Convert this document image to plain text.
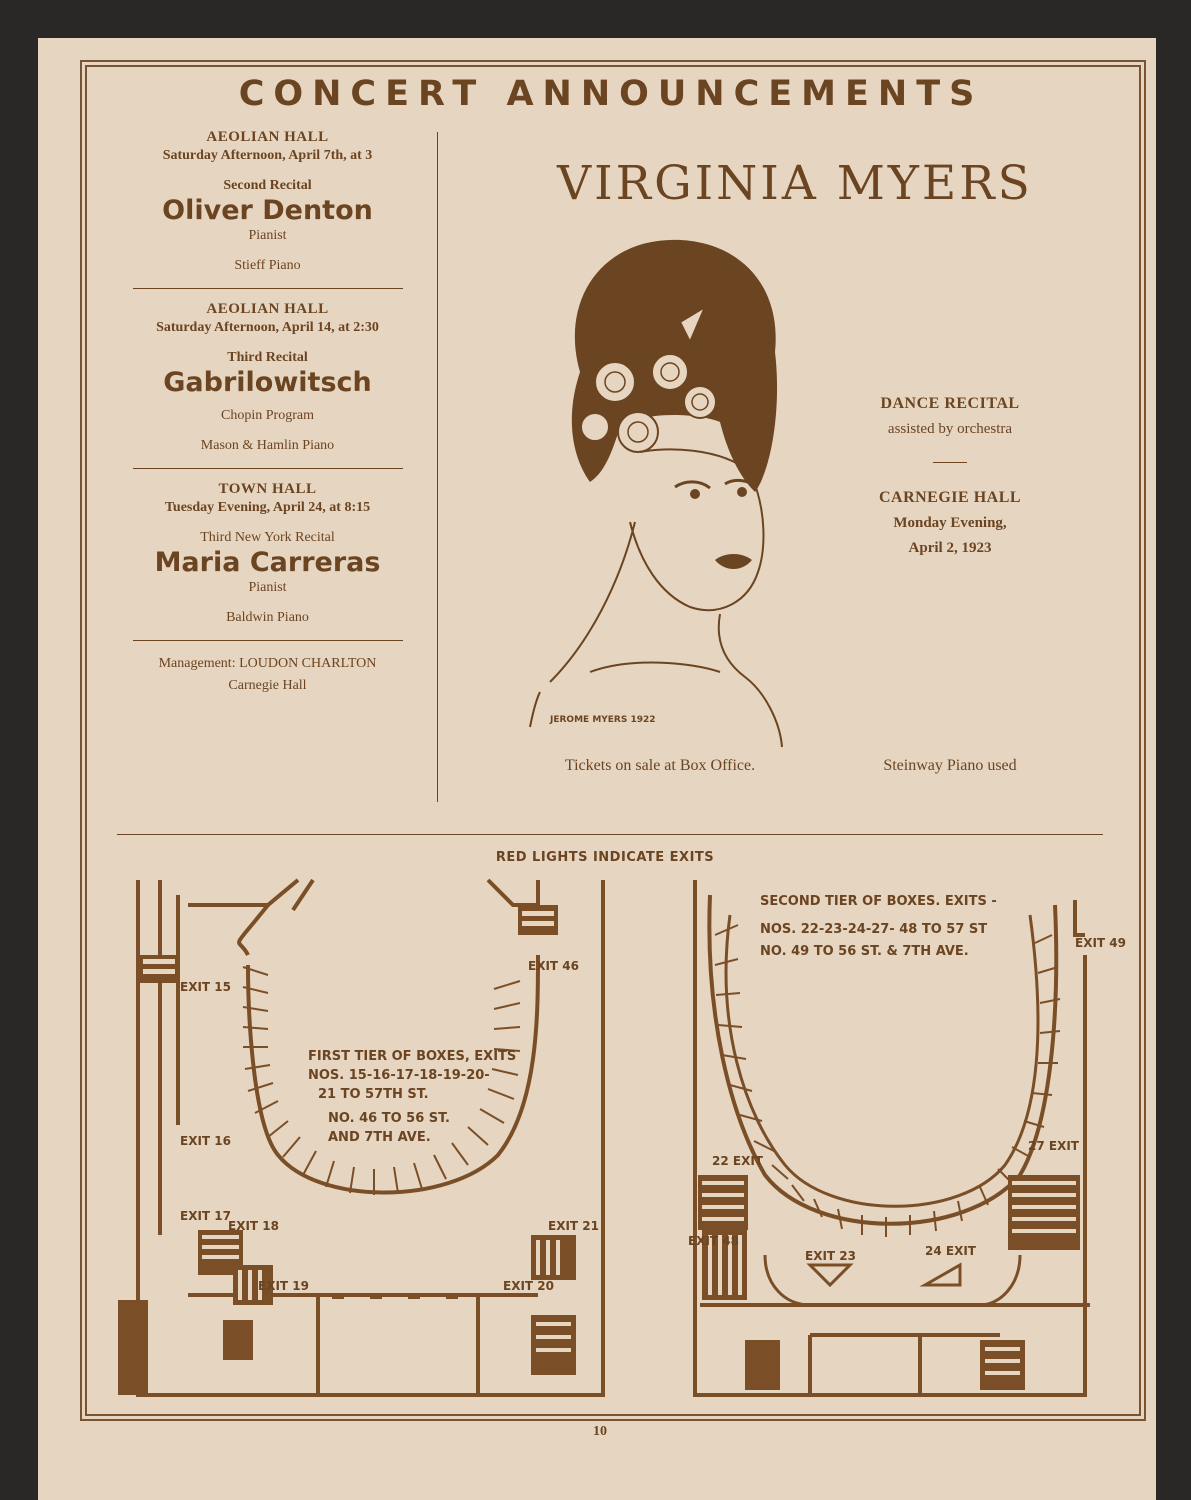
CONCERT ANNOUNCEMENTS
AEOLIAN HALL
Saturday Afternoon, April 7th, at 3
Second Recital
Oliver Denton
Pianist
Stieff Piano
AEOLIAN HALL
Saturday Afternoon, April 14, at 2:30
Third Recital
Gabrilowitsch
Chopin Program
Mason & Hamlin Piano
TOWN HALL
Tuesday Evening, April 24, at 8:15
Third New York Recital
Maria Carreras
Pianist
Baldwin Piano
Management: LOUDON CHARLTON
Carnegie Hall
VIRGINIA MYERS
JEROME MYERS 1922
DANCE RECITAL
assisted by orchestra
CARNEGIE HALL
Monday Evening,
April 2, 1923
Tickets on sale at Box Office.	Steinway Piano used
RED LIGHTS INDICATE EXITS
EXIT 15
EXIT 16
EXIT 17
EXIT 18
EXIT 19	EXIT 20
EXIT 21
EXIT 46
FIRST TIER OF BOXES, EXITS
NOS. 15-16-17-18-19-20-
21 TO 57TH ST.
NO. 46 TO 56 ST.
AND 7TH AVE.
SECOND TIER OF BOXES. EXITS -
NOS. 22-23-24-27- 48 TO 57 ST
NO. 49 TO 56 ST. & 7TH AVE.
EXIT 49
22 EXIT
27 EXIT
EXIT 48
EXIT 23	24 EXIT
10
